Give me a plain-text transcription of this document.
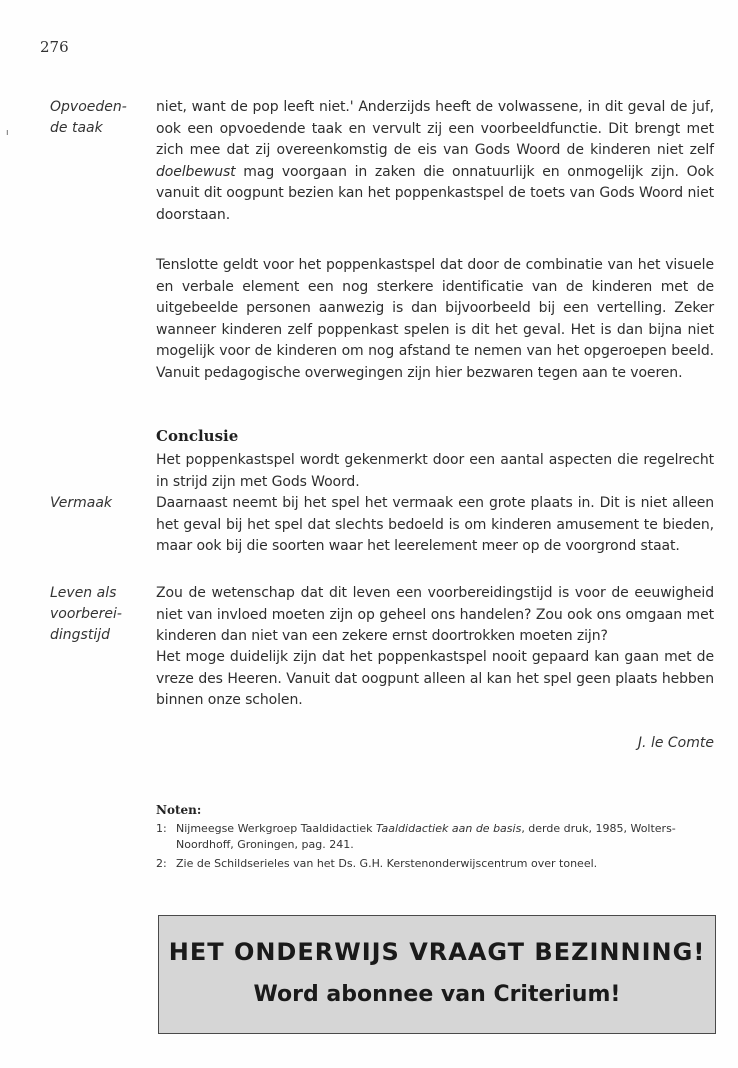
276
ı
Opvoeden-
de taak

niet, want de pop leeft niet.' Anderzijds heeft de volwassene, in dit geval de juf, ook een opvoedende taak en vervult zij een voorbeeldfunctie. Dit brengt met zich mee dat zij overeenkomstig de eis van Gods Woord de kinderen niet zelf doelbewust mag voorgaan in zaken die onnatuurlijk en onmogelijk zijn. Ook vanuit dit oogpunt bezien kan het poppenkastspel de toets van Gods Woord niet doorstaan.

Tenslotte geldt voor het poppenkastspel dat door de combinatie van het visuele en verbale element een nog sterkere identificatie van de kinderen met de uitgebeelde personen aanwezig is dan bijvoorbeeld bij een vertelling. Zeker wanneer kinderen zelf poppenkast spelen is dit het geval. Het is dan bijna niet mogelijk voor de kinderen om nog afstand te nemen van het opgeroepen beeld. Vanuit pedagogische overwegingen zijn hier bezwaren tegen aan te voeren.

Conclusie

Het poppenkastspel wordt gekenmerkt door een aantal aspecten die regelrecht in strijd zijn met Gods Woord.

Vermaak	Daarnaast neemt bij het spel het vermaak een grote plaats in. Dit is niet alleen het geval bij het spel dat slechts bedoeld is om kinderen amusement te bieden, maar ook bij die soorten waar het leerelement meer op de voorgrond staat.

Leven als
voorberei-
dingstijd

Zou de wetenschap dat dit leven een voorbereidingstijd is voor de eeuwigheid niet van invloed moeten zijn op geheel ons handelen? Zou ook ons omgaan met kinderen dan niet van een zekere ernst doortrokken moeten zijn?

Het moge duidelijk zijn dat het poppenkastspel nooit gepaard kan gaan met de vreze des Heeren. Vanuit dat oogpunt alleen al kan het spel geen plaats hebben binnen onze scholen.

J. le Comte
Noten:
1: Nijmeegse Werkgroep Taaldidactiek Taaldidactiek aan de basis, derde druk, 1985, Wolters-Noordhoff, Groningen, pag. 241.
2: Zie de Schildserieles van het Ds. G.H. Kerstenonderwijscentrum over toneel.
HET ONDERWIJS VRAAGT BEZINNING!
Word abonnee van Criterium!
